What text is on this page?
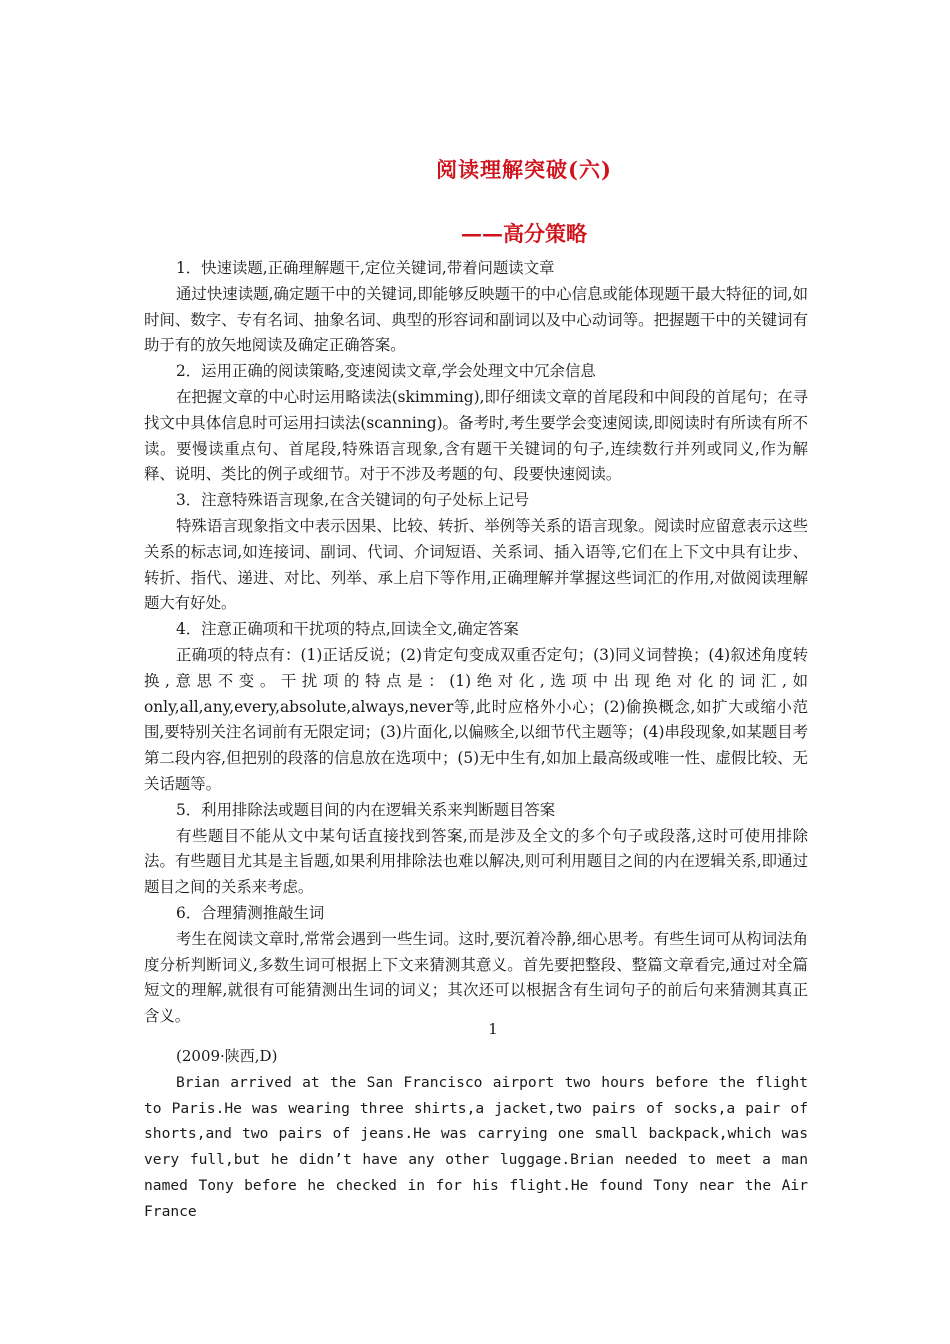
阅读理解突破(六)
——高分策略

1．快速读题,正确理解题干,定位关键词,带着问题读文章

通过快速读题,确定题干中的关键词,即能够反映题干的中心信息或能体现题干最大特征的词,如时间、数字、专有名词、抽象名词、典型的形容词和副词以及中心动词等。把握题干中的关键词有助于有的放矢地阅读及确定正确答案。

2．运用正确的阅读策略,变速阅读文章,学会处理文中冗余信息

在把握文章的中心时运用略读法(skimming),即仔细读文章的首尾段和中间段的首尾句；在寻找文中具体信息时可运用扫读法(scanning)。备考时,考生要学会变速阅读,即阅读时有所读有所不读。要慢读重点句、首尾段,特殊语言现象,含有题干关键词的句子,连续数行并列或同义,作为解释、说明、类比的例子或细节。对于不涉及考题的句、段要快速阅读。

3．注意特殊语言现象,在含关键词的句子处标上记号

特殊语言现象指文中表示因果、比较、转折、举例等关系的语言现象。阅读时应留意表示这些关系的标志词,如连接词、副词、代词、介词短语、关系词、插入语等,它们在上下文中具有让步、转折、指代、递进、对比、列举、承上启下等作用,正确理解并掌握这些词汇的作用,对做阅读理解题大有好处。

4．注意正确项和干扰项的特点,回读全文,确定答案

正确项的特点有：(1)正话反说；(2)肯定句变成双重否定句；(3)同义词替换；(4)叙述角度转换,意思不变。干扰项的特点是：(1)绝对化,选项中出现绝对化的词汇,如only,all,any,every,absolute,always,never等,此时应格外小心；(2)偷换概念,如扩大或缩小范围,要特别关注名词前有无限定词；(3)片面化,以偏赅全,以细节代主题等；(4)串段现象,如某题目考第二段内容,但把别的段落的信息放在选项中；(5)无中生有,如加上最高级或唯一性、虚假比较、无关话题等。

5．利用排除法或题目间的内在逻辑关系来判断题目答案

有些题目不能从文中某句话直接找到答案,而是涉及全文的多个句子或段落,这时可使用排除法。有些题目尤其是主旨题,如果利用排除法也难以解决,则可利用题目之间的内在逻辑关系,即通过题目之间的关系来考虑。

6．合理猜测推敲生词

考生在阅读文章时,常常会遇到一些生词。这时,要沉着冷静,细心思考。有些生词可从构词法角度分析判断词义,多数生词可根据上下文来猜测其意义。首先要把整段、整篇文章看完,通过对全篇短文的理解,就很有可能猜测出生词的词义；其次还可以根据含有生词句子的前后句来猜测其真正含义。

1

(2009·陕西,D)

Brian arrived at the San Francisco airport two hours before the flight to Paris.He was wearing three shirts,a jacket,two pairs of socks,a pair of shorts,and two pairs of jeans.He was carrying one small backpack,which was very full,but he didn’t have any other luggage.Brian needed to meet a man named Tony before he checked in for his flight.He found Tony near the Air France
